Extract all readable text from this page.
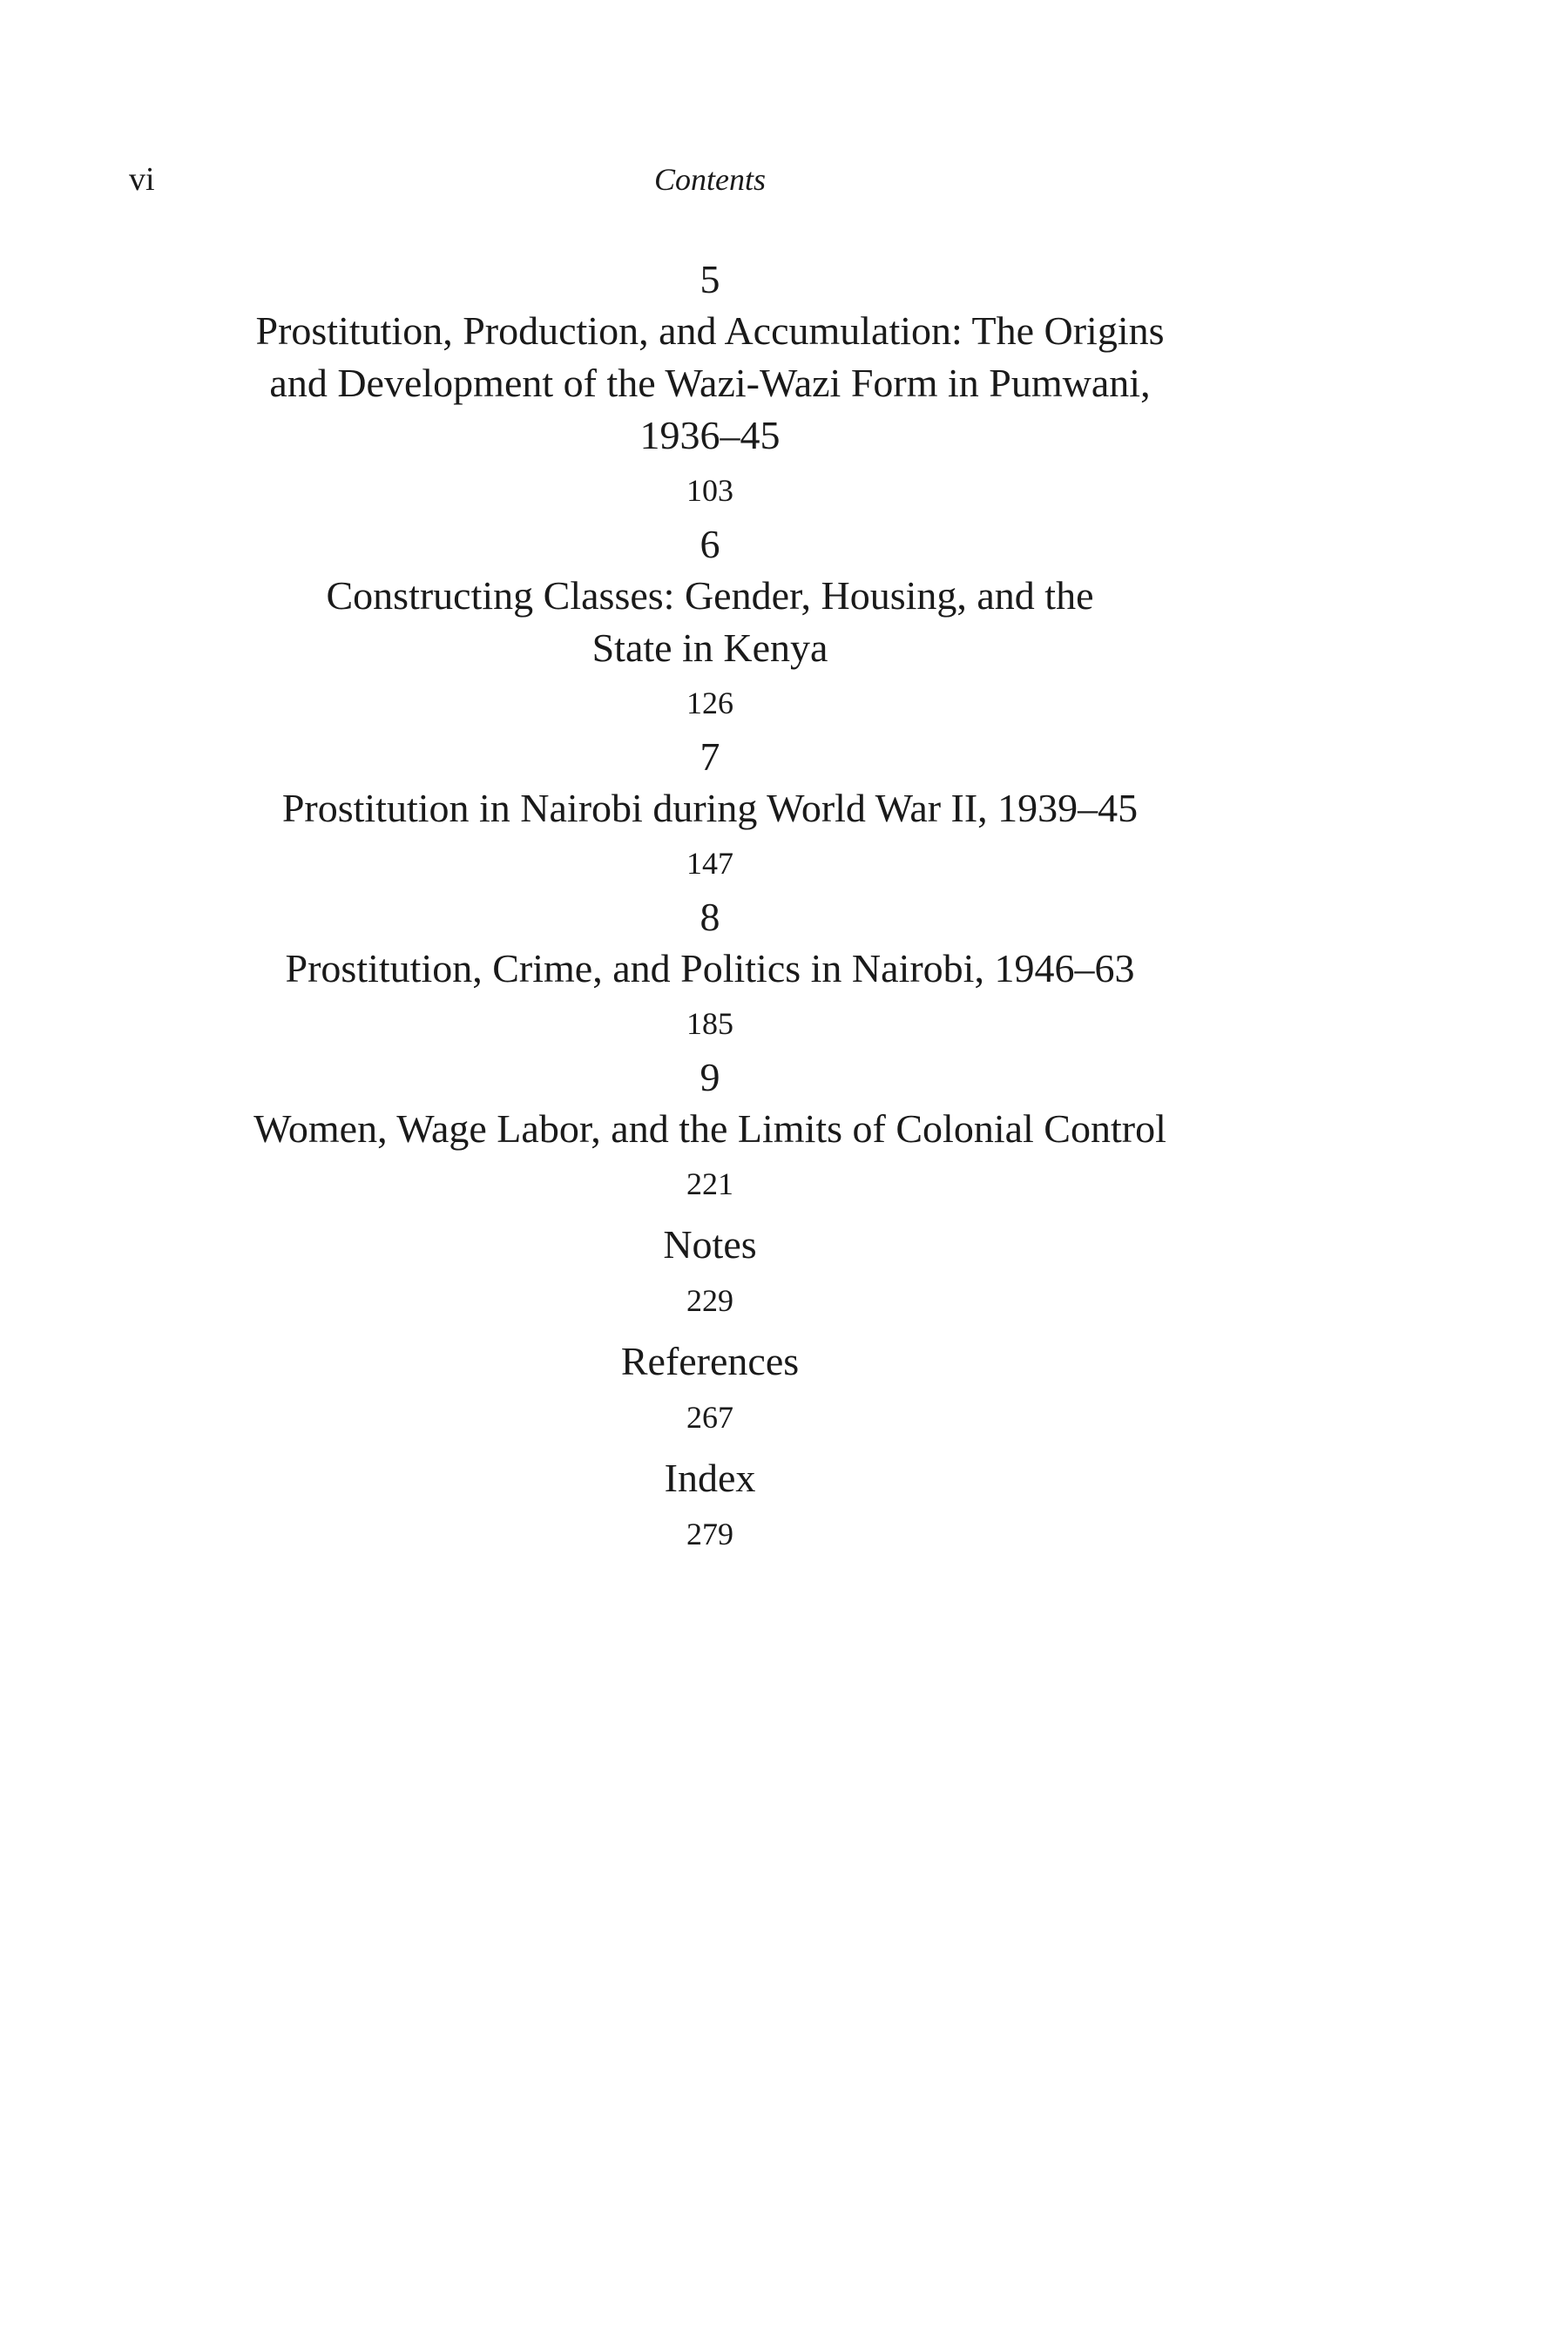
vi	Contents
5
Prostitution, Production, and Accumulation: The Origins
and Development of the Wazi-Wazi Form in Pumwani,
1936–45
103
6
Constructing Classes: Gender, Housing, and the
State in Kenya
126
7
Prostitution in Nairobi during World War II, 1939–45
147
8
Prostitution, Crime, and Politics in Nairobi, 1946–63
185
9
Women, Wage Labor, and the Limits of Colonial Control
221
Notes
229
References
267
Index
279
